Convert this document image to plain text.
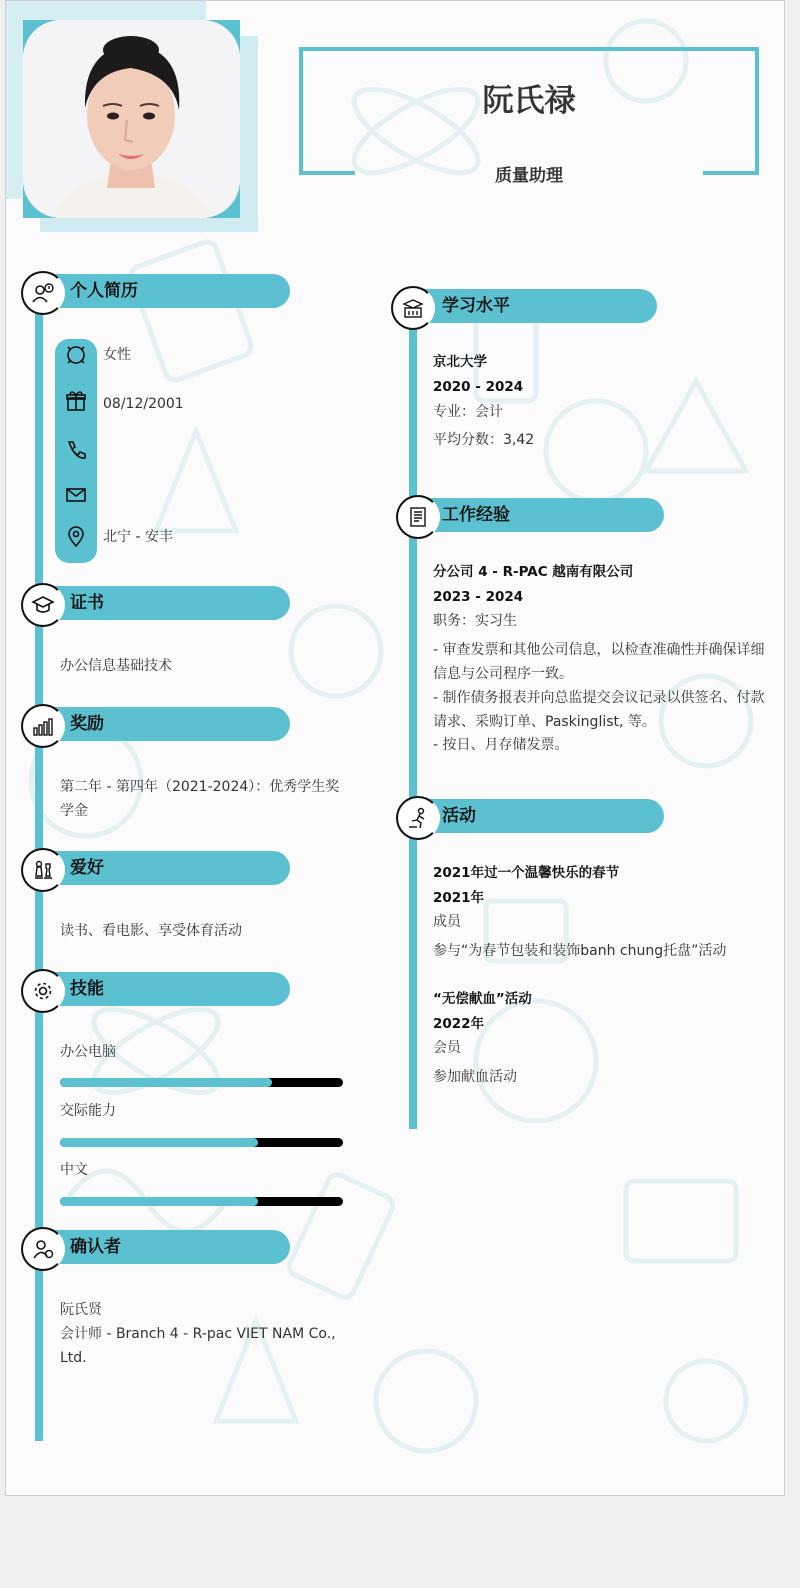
阮氏禄
质量助理
个人简历
女性
08/12/2001
北宁 - 安丰
证书
办公信息基础技术
奖励
第二年 - 第四年（2021-2024）：优秀学生奖学金
爱好
读书、看电影、享受体育活动
技能
办公电脑
交际能力
中文
确认者
阮氏贤
会计师 - Branch 4 - R-pac VIET NAM Co., Ltd.
学习水平
京北大学
2020 - 2024
专业：会计
平均分数：3,42
工作经验
分公司 4 - R-PAC 越南有限公司
2023 - 2024
职务：实习生
- 审查发票和其他公司信息，以检查准确性并确保详细信息与公司程序一致。
- 制作债务报表并向总监提交会议记录以供签名、付款请求、采购订单、Paskinglist, 等。
- 按日、月存储发票。
活动
2021年过一个温馨快乐的春节
2021年
成员
参与“为春节包装和装饰banh chung托盘”活动
“无偿献血”活动
2022年
会员
参加献血活动
